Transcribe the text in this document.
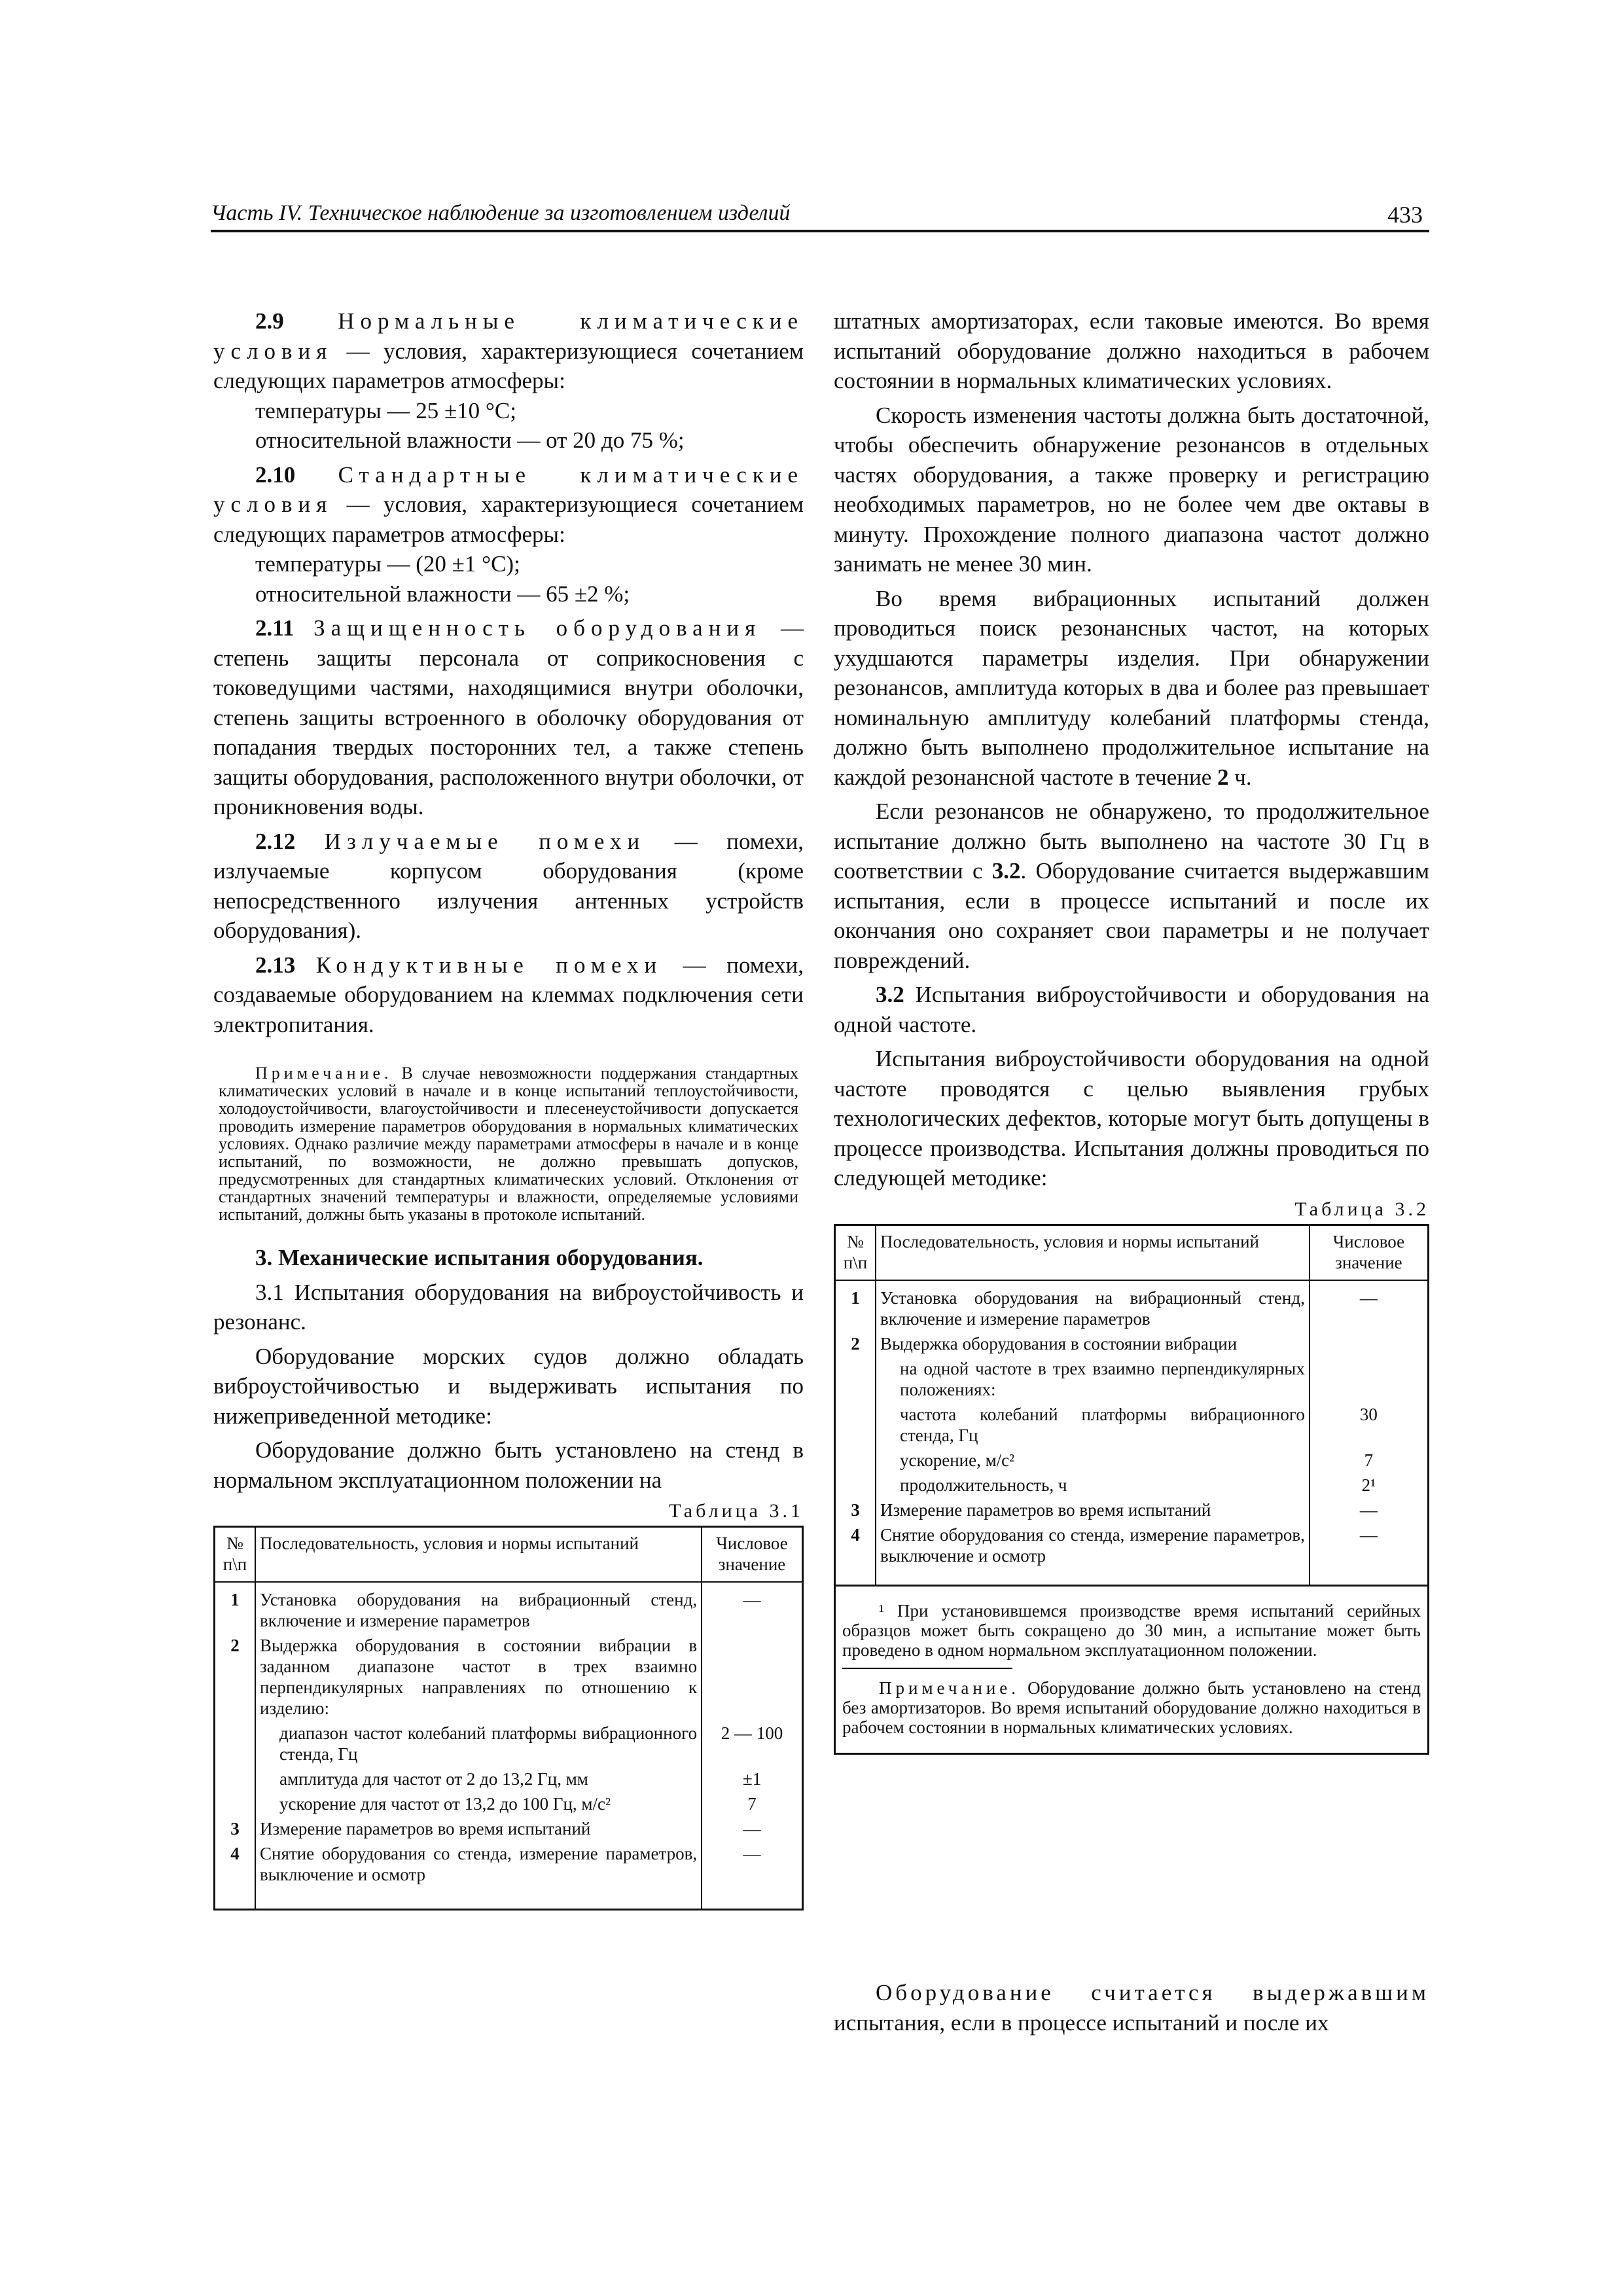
Часть IV. Техническое наблюдение за изготовлением изделий	433

2.9 Нормальные климатические условия — условия, характеризующиеся сочетанием следующих параметров атмосферы:

температуры — 25 ±10 °С;

относительной влажности — от 20 до 75 %;

2.10 Стандартные климатические условия — условия, характеризующиеся сочетанием следующих параметров атмосферы:

температуры — (20 ±1 °С);

относительной влажности — 65 ±2 %;

2.11 Защищенность оборудования — степень защиты персонала от соприкосновения с токоведущими частями, находящимися внутри оболочки, степень защиты встроенного в оболочку оборудования от попадания твердых посторонних тел, а также степень защиты оборудования, расположенного внутри оболочки, от проникновения воды.

2.12 Излучаемые помехи — помехи, излучаемые корпусом оборудования (кроме непосредственного излучения антенных устройств оборудования).

2.13 Кондуктивные помехи — помехи, создаваемые оборудованием на клеммах подключения сети электропитания.

Примечание. В случае невозможности поддержания стандартных климатических условий в начале и в конце испытаний теплоустойчивости, холодоустойчивости, влагоустойчивости и плесенеустойчивости допускается проводить измерение параметров оборудования в нормальных климатических условиях. Однако различие между параметрами атмосферы в начале и в конце испытаний, по возможности, не должно превышать допусков, предусмотренных для стандартных климатических условий. Отклонения от стандартных значений температуры и влажности, определяемые условиями испытаний, должны быть указаны в протоколе испытаний.

3. Механические испытания оборудования.

3.1 Испытания оборудования на виброустойчивость и резонанс.

Оборудование морских судов должно обладать виброустойчивостью и выдерживать испытания по нижеприведенной методике:

Оборудование должно быть установлено на стенд в нормальном эксплуатационном положении на

Таблица 3.1
№ п\п	Последовательность, условия и нормы испытаний	Числовое значение
1	Установка оборудования на вибрационный стенд, включение и измерение параметров	—
2	Выдержка оборудования в состоянии вибрации в заданном диапазоне частот в трех взаимно перпендикулярных направлениях по отношению к изделию:	
	диапазон частот колебаний платформы вибрационного стенда, Гц	2 — 100
	амплитуда для частот от 2 до 13,2 Гц, мм	±1
	ускорение для частот от 13,2 до 100 Гц, м/с²	7
3	Измерение параметров во время испытаний	—
4	Снятие оборудования со стенда, измерение параметров, выключение и осмотр	—

штатных амортизаторах, если таковые имеются. Во время испытаний оборудование должно находиться в рабочем состоянии в нормальных климатических условиях.

Скорость изменения частоты должна быть достаточной, чтобы обеспечить обнаружение резонансов в отдельных частях оборудования, а также проверку и регистрацию необходимых параметров, но не более чем две октавы в минуту. Прохождение полного диапазона частот должно занимать не менее 30 мин.

Во время вибрационных испытаний должен проводиться поиск резонансных частот, на которых ухудшаются параметры изделия. При обнаружении резонансов, амплитуда которых в два и более раз превышает номинальную амплитуду колебаний платформы стенда, должно быть выполнено продолжительное испытание на каждой резонансной частоте в течение 2 ч.

Если резонансов не обнаружено, то продолжительное испытание должно быть выполнено на частоте 30 Гц в соответствии с 3.2. Оборудование считается выдержавшим испытания, если в процессе испытаний и после их окончания оно сохраняет свои параметры и не получает повреждений.

3.2 Испытания виброустойчивости и оборудования на одной частоте.

Испытания виброустойчивости оборудования на одной частоте проводятся с целью выявления грубых технологических дефектов, которые могут быть допущены в процессе производства. Испытания должны проводиться по следующей методике:

Таблица 3.2
№ п\п	Последовательность, условия и нормы испытаний	Числовое значение
1	Установка оборудования на вибрационный стенд, включение и измерение параметров	—
2	Выдержка оборудования в состоянии вибрации	
	на одной частоте в трех взаимно перпендикулярных положениях:	
	частота колебаний платформы вибрационного стенда, Гц	30
	ускорение, м/с²	7
	продолжительность, ч	2¹
3	Измерение параметров во время испытаний	—
4	Снятие оборудования со стенда, измерение параметров, выключение и осмотр	—

¹ При установившемся производстве время испытаний серийных образцов может быть сокращено до 30 мин, а испытание может быть проведено в одном нормальном эксплуатационном положении.

Примечание. Оборудование должно быть установлено на стенд без амортизаторов. Во время испытаний оборудование должно находиться в рабочем состоянии в нормальных климатических условиях.

Оборудование считается выдержавшим испытания, если в процессе испытаний и после их
